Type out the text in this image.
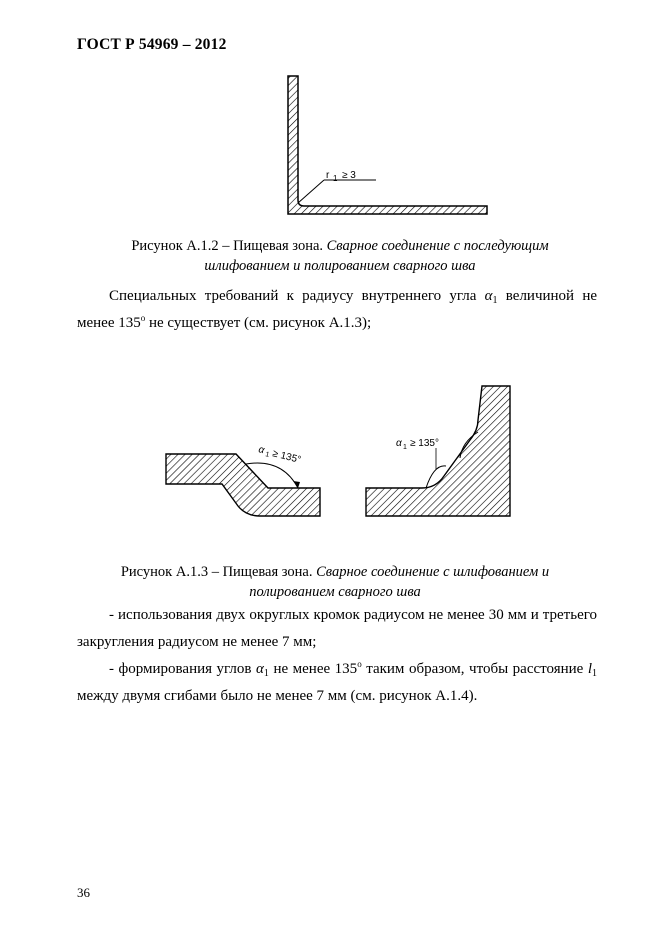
ГОСТ Р 54969 – 2012
r 1 ≥ 3
Рисунок А.1.2 – Пищевая зона. Сварное соединение с последующим
шлифованием и полированием сварного шва
Специальных требований к радиусу внутреннего угла $\alpha_1$ величиной не менее 135$^o$ не существует (см. рисунок А.1.3);
α 1 ≥ 135°
α 1 ≥ 135°
Рисунок А.1.3 – Пищевая зона. Сварное соединение с шлифованием и
полированием сварного шва
- использования двух округлых кромок радиусом не менее 30 мм и третьего закругления радиусом не менее 7 мм;
- формирования углов $\alpha_1$ не менее 135$^o$ таким образом, чтобы расстояние $l_1$ между двумя сгибами было не менее 7 мм (см. рисунок А.1.4).
36
